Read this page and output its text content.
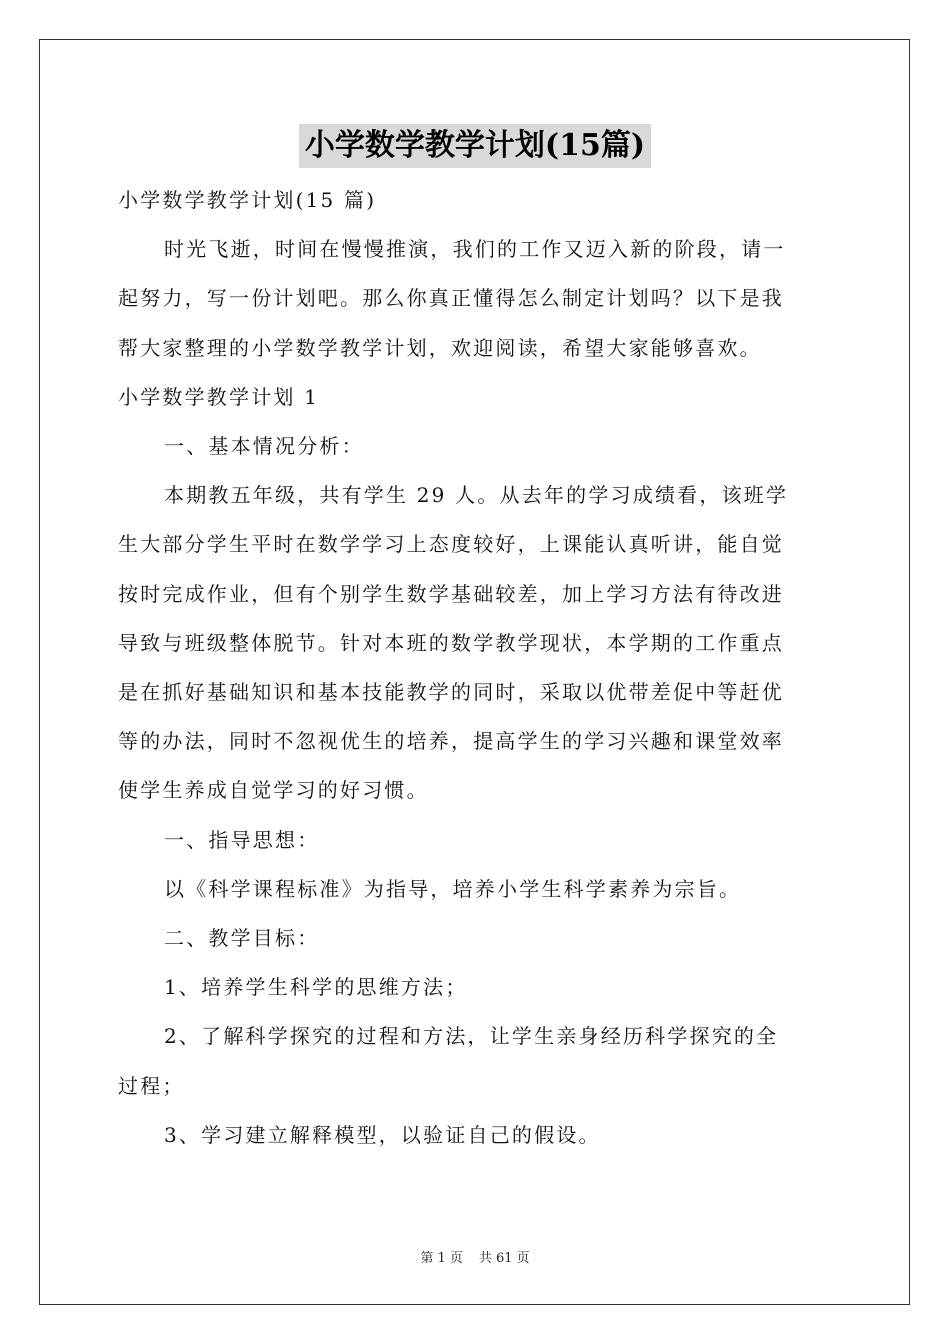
小学数学教学计划(15篇)

小学数学教学计划(15 篇)

时光飞逝，时间在慢慢推演，我们的工作又迈入新的阶段，请一

起努力，写一份计划吧。那么你真正懂得怎么制定计划吗？以下是我

帮大家整理的小学数学教学计划，欢迎阅读，希望大家能够喜欢。

小学数学教学计划 1

一、基本情况分析：

本期教五年级，共有学生 29 人。从去年的学习成绩看，该班学

生大部分学生平时在数学学习上态度较好，上课能认真听讲，能自觉

按时完成作业，但有个别学生数学基础较差，加上学习方法有待改进

导致与班级整体脱节。针对本班的数学教学现状，本学期的工作重点

是在抓好基础知识和基本技能教学的同时，采取以优带差促中等赶优

等的办法，同时不忽视优生的培养，提高学生的学习兴趣和课堂效率

使学生养成自觉学习的好习惯。

一、指导思想：

以《科学课程标准》为指导，培养小学生科学素养为宗旨。

二、教学目标：

1、培养学生科学的思维方法；

2、了解科学探究的过程和方法，让学生亲身经历科学探究的全

过程；

3、学习建立解释模型，以验证自己的假设。

第 1 页 共 61 页
